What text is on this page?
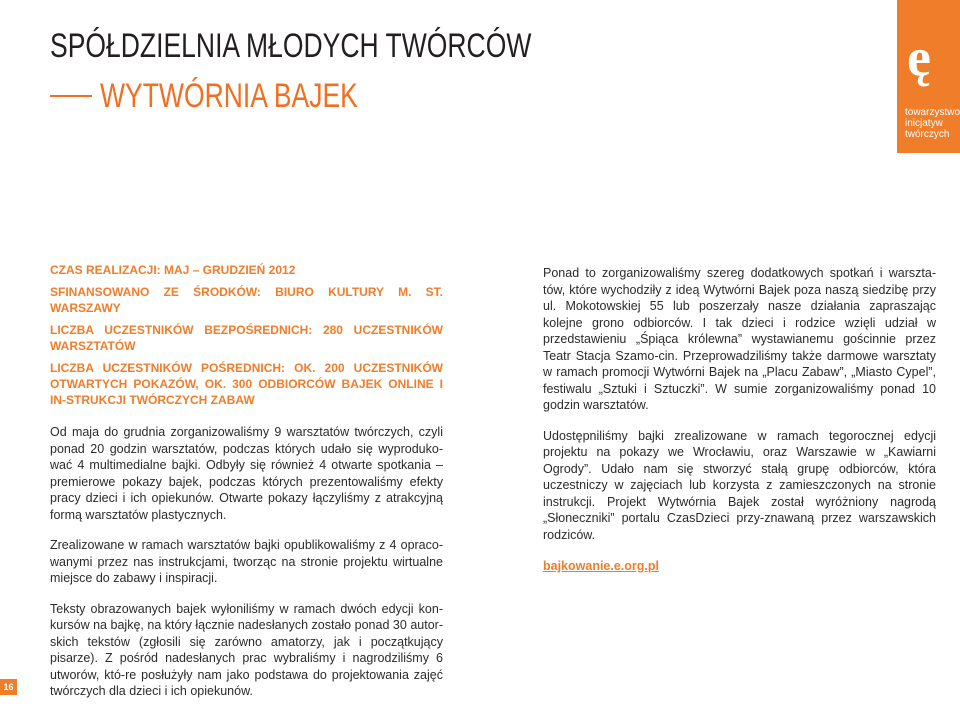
SPÓŁDZIELNIA MŁODYCH TWÓRCÓW
WYTWÓRNIA BAJEK
ę
towarzystwo
inicjatyw
twórczych

CZAS REALIZACJI: MAJ – GRUDZIEŃ 2012

SFINANSOWANO ZE ŚRODKÓW: BIURO KULTURY M. ST. WARSZAWY

LICZBA UCZESTNIKÓW BEZPOŚREDNICH: 280 UCZESTNIKÓW WARSZTATÓW

LICZBA UCZESTNIKÓW POŚREDNICH: OK. 200 UCZESTNIKÓW OTWARTYCH POKAZÓW, OK. 300 ODBIORCÓW BAJEK ONLINE I IN-STRUKCJI TWÓRCZYCH ZABAW

Od maja do grudnia zorganizowaliśmy 9 warsztatów twórczych, czyli ponad 20 godzin warsztatów, podczas których udało się wyproduko-wać 4 multimedialne bajki. Odbyły się również 4 otwarte spotkania – premierowe pokazy bajek, podczas których prezentowaliśmy efekty pracy dzieci i ich opiekunów. Otwarte pokazy łączyliśmy z atrakcyjną formą warsztatów plastycznych.

Zrealizowane w ramach warsztatów bajki opublikowaliśmy z 4 opraco-wanymi przez nas instrukcjami, tworząc na stronie projektu wirtualne miejsce do zabawy i inspiracji.

Teksty obrazowanych bajek wyłoniliśmy w ramach dwóch edycji kon-kursów na bajkę, na który łącznie nadesłanych zostało ponad 30 autor-skich tekstów (zgłosili się zarówno amatorzy, jak i początkujący pisarze). Z pośród nadesłanych prac wybraliśmy i nagrodziliśmy 6 utworów, któ-re posłużyły nam jako podstawa do projektowania zajęć twórczych dla dzieci i ich opiekunów.

Ponad to zorganizowaliśmy szereg dodatkowych spotkań i warszta-tów, które wychodziły z ideą Wytwórni Bajek poza naszą siedzibę przy ul. Mokotowskiej 55 lub poszerzały nasze działania zapraszając kolejne grono odbiorców. I tak dzieci i rodzice wzięli udział w przedstawieniu „Śpiąca królewna” wystawianemu gościnnie przez Teatr Stacja Szamo-cin. Przeprowadziliśmy także darmowe warsztaty w ramach promocji Wytwórni Bajek na „Placu Zabaw”, „Miasto Cypel”, festiwalu „Sztuki i Sztuczki”. W sumie zorganizowaliśmy ponad 10 godzin warsztatów.

Udostępniliśmy bajki zrealizowane w ramach tegorocznej edycji projektu na pokazy we Wrocławiu, oraz Warszawie w „Kawiarni Ogrody”. Udało nam się stworzyć stałą grupę odbiorców, która uczestniczy w zajęciach lub korzysta z zamieszczonych na stronie instrukcji. Projekt Wytwórnia Bajek został wyróżniony nagrodą „Słoneczniki” portalu CzasDzieci przy-znawaną przez warszawskich rodziców.

bajkowanie.e.org.pl
16
